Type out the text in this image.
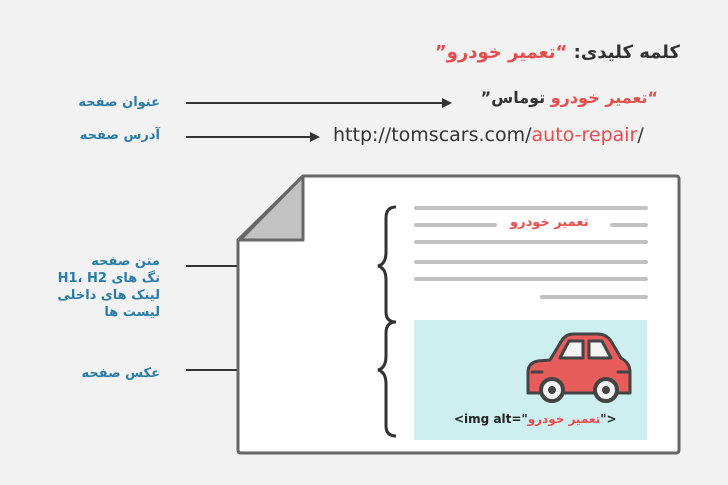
کلمه کلیدی: “تعمیر خودرو”
“تعمیر خودرو توماس”
عنوان صفحه
http://tomscars.com/auto-repair/
آدرس صفحه
متن صفحه
تگ های H1، H2
لینک های داخلی
لیست ها
تعمیر خودرو
عکس صفحه
<img alt="تعمیر خودرو">
